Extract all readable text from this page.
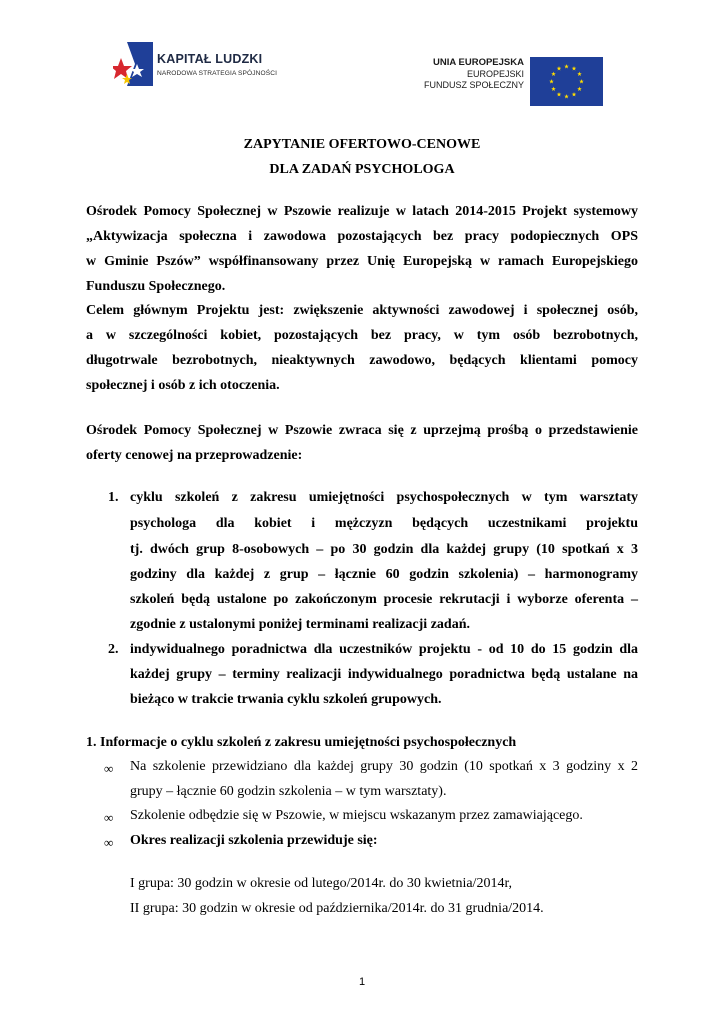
KAPITAŁ LUDZKI
NARODOWA STRATEGIA SPÓJNOŚCI
UNIA EUROPEJSKA
EUROPEJSKI
FUNDUSZ SPOŁECZNY
ZAPYTANIE OFERTOWO-CENOWE
DLA ZADAŃ PSYCHOLOGA
Ośrodek Pomocy Społecznej w Pszowie realizuje w latach 2014-2015 Projekt systemowy
„Aktywizacja społeczna i zawodowa pozostających bez pracy podopiecznych OPS
w Gminie Pszów” współfinansowany przez Unię Europejską w ramach Europejskiego
Funduszu Społecznego.
Celem głównym Projektu jest: zwiększenie aktywności zawodowej i społecznej osób,
a w szczególności kobiet, pozostających bez pracy, w tym osób bezrobotnych,
długotrwale bezrobotnych, nieaktywnych zawodowo, będących klientami pomocy
społecznej i osób z ich otoczenia.
Ośrodek Pomocy Społecznej w Pszowie zwraca się z uprzejmą prośbą o przedstawienie
oferty cenowej na przeprowadzenie:
1. cyklu szkoleń z zakresu umiejętności psychospołecznych w tym warsztaty
psychologa dla kobiet i mężczyzn będących uczestnikami projektu
tj. dwóch grup 8-osobowych – po 30 godzin dla każdej grupy (10 spotkań x 3
godziny dla każdej z grup – łącznie 60 godzin szkolenia) – harmonogramy
szkoleń będą ustalone po zakończonym procesie rekrutacji i wyborze oferenta –
zgodnie z ustalonymi poniżej terminami realizacji zadań.
2. indywidualnego poradnictwa dla uczestników projektu - od 10 do 15 godzin dla
każdej grupy – terminy realizacji indywidualnego poradnictwa będą ustalane na
bieżąco w trakcie trwania cyklu szkoleń grupowych.
1. Informacje o cyklu szkoleń z zakresu umiejętności psychospołecznych
∞ Na szkolenie przewidziano dla każdej grupy 30 godzin (10 spotkań x 3 godziny x 2
grupy – łącznie 60 godzin szkolenia – w tym warsztaty).
∞ Szkolenie odbędzie się w Pszowie, w miejscu wskazanym przez zamawiającego.
∞ Okres realizacji szkolenia przewiduje się:
I grupa: 30 godzin w okresie od lutego/2014r. do 30 kwietnia/2014r,
II grupa: 30 godzin w okresie od października/2014r. do 31 grudnia/2014.
1
